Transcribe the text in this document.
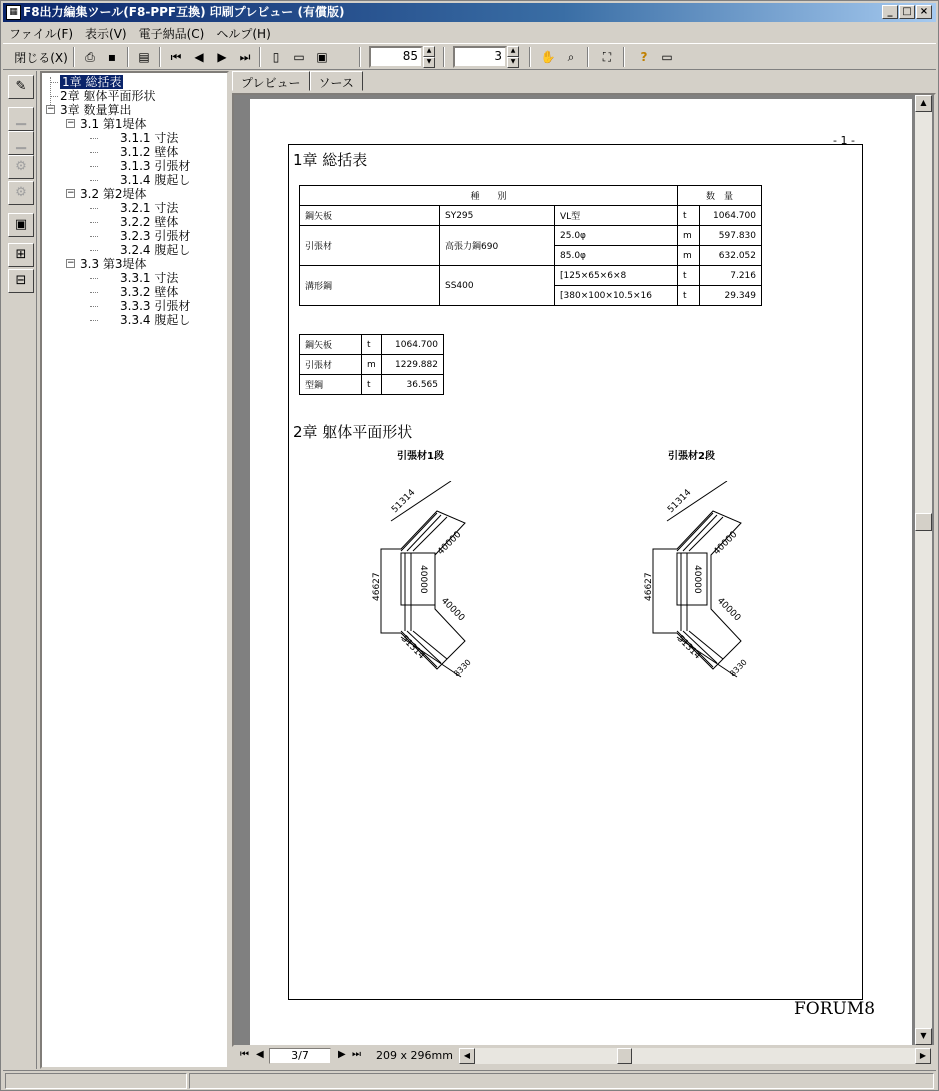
▦ F8出力編集ツール(F8-PPF互換) 印刷プレビュー (有償版)	_ □ ×
ファイル(F)	表示(V)	電子納品(C)	ヘルプ(H)
閉じる(X)	⎙	▪	▤	⏮	◀	▶	⏭	▯	▭ ▣	85	▲
▼	3	▲
▼	✋	⌕	⛶	?	▭
✎
▁
▁
⚙
⚙
▣
⊞
⊟
1章 総括表
2章 躯体平面形状
− 3章 数量算出
− 3.1 第1堤体
3.1.1 寸法
3.1.2 壁体
3.1.3 引張材
3.1.4 腹起し
− 3.2 第2堤体
3.2.1 寸法
3.2.2 壁体
3.2.3 引張材
3.2.4 腹起し
− 3.3 第3堤体
3.3.1 寸法
3.3.2 壁体
3.3.3 引張材
3.3.4 腹起し
プレビュー	ソース
- 1 -
1章 総括表
種　　別			数　量	
鋼矢板	SY295	VL型	t	1064.700
引張材	高張力鋼690	25.0φ	m	597.830
		85.0φ	m	632.052
溝形鋼	SS400	[125×65×6×8	t	7.216
		[380×100×10.5×16	t	29.349
鋼矢板	t	1064.700
引張材	m	1229.882
型鋼	t	36.565
2章 躯体平面形状
引張材1段	引張材2段
51314
40000
46627	40000
40000
51314
8330
51314
40000
46627	40000
40000
51314
8330
FORUM8
▲
▼
⏮ ◀	▶ ⏭ 209 x 296mm
3/7	◀	▶
